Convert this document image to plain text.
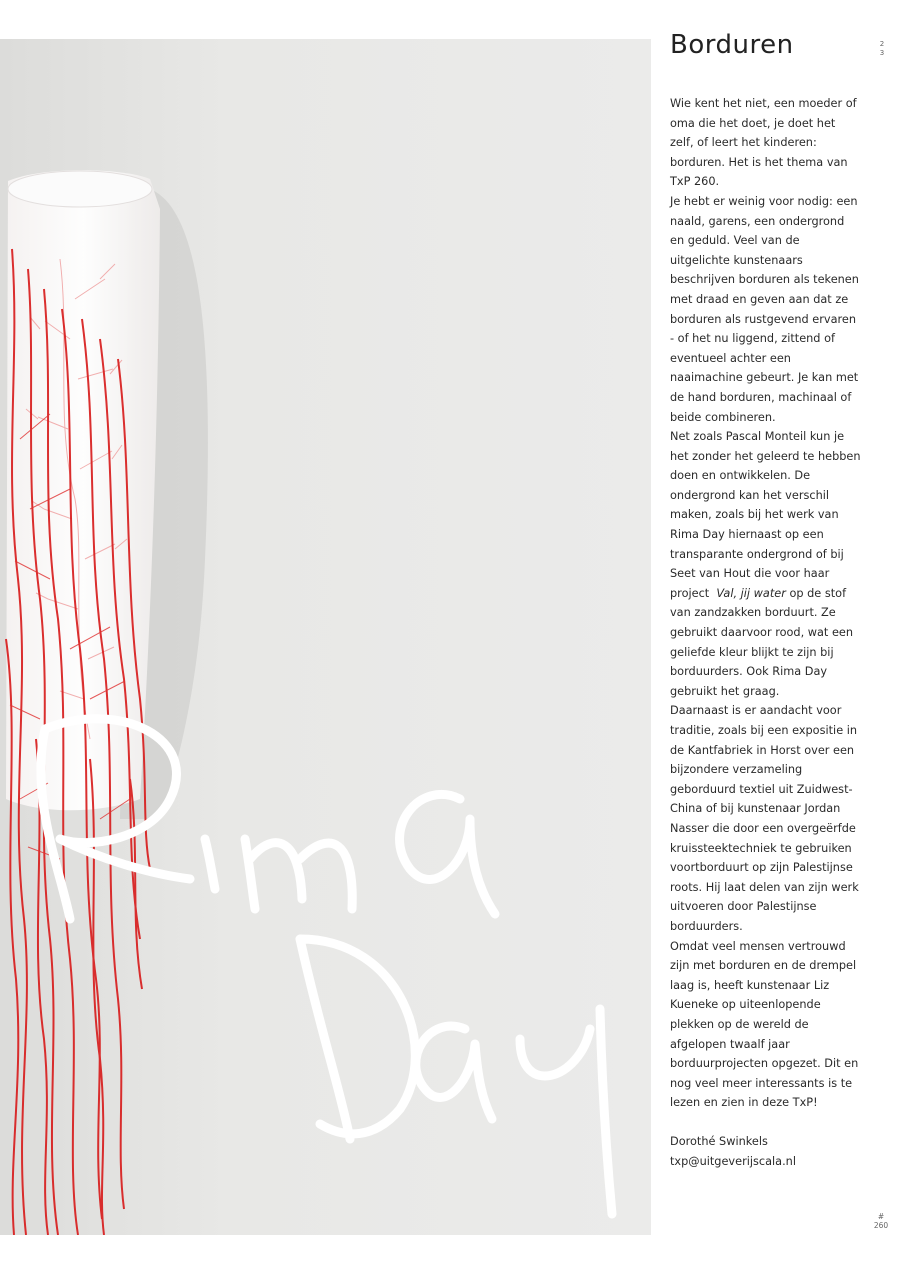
Borduren	2
3

Wie kent het niet, een moeder of oma die het doet, je doet het zelf, of leert het kinderen: borduren. Het is het thema van TxP 260.

Je hebt er weinig voor nodig: een naald, garens, een ondergrond en geduld. Veel van de uitgelichte kunstenaars beschrijven borduren als tekenen met draad en geven aan dat ze borduren als rustgevend ervaren - of het nu liggend, zittend of eventueel achter een naaimachine gebeurt. Je kan met de hand borduren, machinaal of beide combineren.

Net zoals Pascal Monteil kun je het zonder het geleerd te hebben doen en ontwikkelen. De ondergrond kan het verschil maken, zoals bij het werk van Rima Day hiernaast op een transparante ondergrond of bij Seet van Hout die voor haar project Val, jij water op de stof van zandzakken borduurt. Ze gebruikt daarvoor rood, wat een geliefde kleur blijkt te zijn bij borduurders. Ook Rima Day gebruikt het graag.

Daarnaast is er aandacht voor traditie, zoals bij een expositie in de Kantfabriek in Horst over een bijzondere verzameling geborduurd textiel uit Zuidwest-China of bij kunstenaar Jordan Nasser die door een overgeërfde kruissteektechniek te gebruiken voortborduurt op zijn Palestijnse roots. Hij laat delen van zijn werk uitvoeren door Palestijnse borduurders.

Omdat veel mensen vertrouwd zijn met borduren en de drempel laag is, heeft kunstenaar Liz Kueneke op uiteenlopende plekken op de wereld de afgelopen twaalf jaar borduurprojecten opgezet. Dit en nog veel meer interessants is te lezen en zien in deze TxP!

Dorothé Swinkels

txp@uitgeverijscala.nl

#
260
